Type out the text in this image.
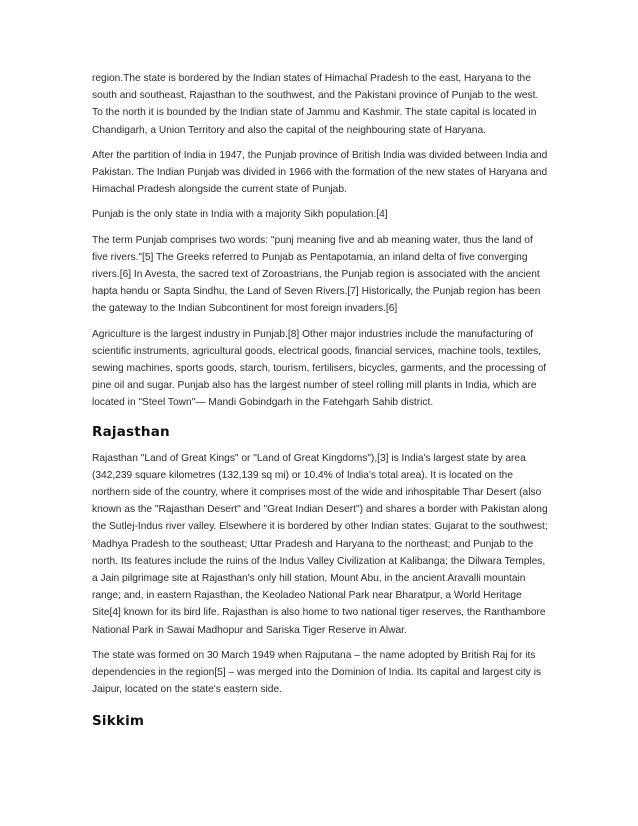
region.The state is bordered by the Indian states of Himachal Pradesh to the east, Haryana to the south and southeast, Rajasthan to the southwest, and the Pakistani province of Punjab to the west. To the north it is bounded by the Indian state of Jammu and Kashmir. The state capital is located in Chandigarh, a Union Territory and also the capital of the neighbouring state of Haryana.

After the partition of India in 1947, the Punjab province of British India was divided between India and Pakistan. The Indian Punjab was divided in 1966 with the formation of the new states of Haryana and Himachal Pradesh alongside the current state of Punjab.

Punjab is the only state in India with a majority Sikh population.[4]

The term Punjab comprises two words: "punj meaning five and ab meaning water, thus the land of five rivers."[5] The Greeks referred to Punjab as Pentapotamia, an inland delta of five converging rivers.[6] In Avesta, the sacred text of Zoroastrians, the Punjab region is associated with the ancient hapta həndu or Sapta Sindhu, the Land of Seven Rivers.[7] Historically, the Punjab region has been the gateway to the Indian Subcontinent for most foreign invaders.[6]

Agriculture is the largest industry in Punjab.[8] Other major industries include the manufacturing of scientific instruments, agricultural goods, electrical goods, financial services, machine tools, textiles, sewing machines, sports goods, starch, tourism, fertilisers, bicycles, garments, and the processing of pine oil and sugar. Punjab also has the largest number of steel rolling mill plants in India, which are located in "Steel Town"— Mandi Gobindgarh in the Fatehgarh Sahib district.

Rajasthan

Rajasthan "Land of Great Kings" or "Land of Great Kingdoms"),[3] is India's largest state by area (342,239 square kilometres (132,139 sq mi) or 10.4% of India's total area). It is located on the northern side of the country, where it comprises most of the wide and inhospitable Thar Desert (also known as the "Rajasthan Desert" and "Great Indian Desert") and shares a border with Pakistan along the Sutlej-Indus river valley. Elsewhere it is bordered by other Indian states: Gujarat to the southwest; Madhya Pradesh to the southeast; Uttar Pradesh and Haryana to the northeast; and Punjab to the north. Its features include the ruins of the Indus Valley Civilization at Kalibanga; the Dilwara Temples, a Jain pilgrimage site at Rajasthan's only hill station, Mount Abu, in the ancient Aravalli mountain range; and, in eastern Rajasthan, the Keoladeo National Park near Bharatpur, a World Heritage Site[4] known for its bird life. Rajasthan is also home to two national tiger reserves, the Ranthambore National Park in Sawai Madhopur and Sariska Tiger Reserve in Alwar.

The state was formed on 30 March 1949 when Rajputana – the name adopted by British Raj for its dependencies in the region[5] – was merged into the Dominion of India. Its capital and largest city is Jaipur, located on the state's eastern side.

Sikkim
